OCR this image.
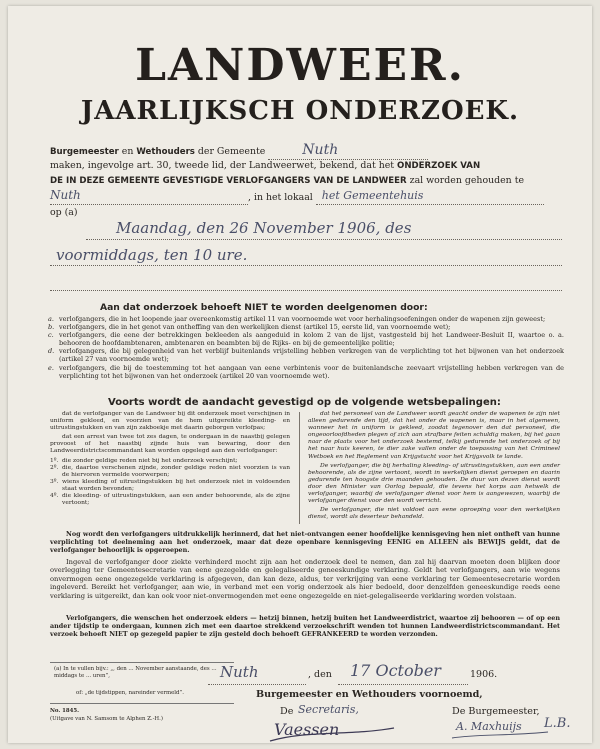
LANDWEER.
JAARLIJKSCH ONDERZOEK.
Burgemeester en Wethouders der Gemeente	Nuth
maken, ingevolge art. 30, tweede lid, der Landweerwet, bekend, dat het ONDERZOEK VAN
DE IN DEZE GEMEENTE GEVESTIGDE VERLOFGANGERS VAN DE LANDWEER zal worden gehouden te
Nuth	, in het lokaal het Gemeentehuis
op (a)
Maandag, den 26 November 1906, des
voormiddags, ten 10 ure.
Aan dat onderzoek behoeft NIET te worden deelgenomen door:
a. verlofgangers, die in het loopende jaar overeenkomstig artikel 11 van voornoemde wet voor herhalingsoefeningen onder de wapenen zijn geweest;
b. verlofgangers, die in het genot van ontheffing van den werkelijken dienst (artikel 15, eerste lid, van voornoemde wet);
c. verlofgangers, die eene der betrekkingen bekleeden als aangeduid in kolom 2 van de lijst, vastgesteld bij het Landweer-Besluit II, waartoe o. a. behooren de hoofdambtenaren, ambtenaren en beambten bij de Rijks- en bij de gemeentelijke politie;
d. verlofgangers, die bij gelegenheid van het verblijf buitenlands vrijstelling hebben verkregen van de verplichting tot het bijwonen van het onderzoek (artikel 27 van voornoemde wet);
e. verlofgangers, die bij de toestemming tot het aangaan van eene verbintenis voor de buitenlandsche zeevaart vrijstelling hebben verkregen van de verplichting tot het bijwonen van het onderzoek (artikel 20 van voornoemde wet).
Voorts wordt de aandacht gevestigd op de volgende wetsbepalingen:

dat de verlofganger van de Landweer bij dit onderzoek moet verschijnen in uniform gekleed, en voorzien van de hem uitgereikte kleeding- en uitrustingstukken en van zijn zakboekje met daarin geborgen verlofpas;

dat een arrest van twee tot zes dagen, te ondergaan in de naastbij gelegen provoost of het naastbij zijnde huis van bewaring, door den Landweerdistrictscommandant kan worden opgelegd aan den verlofganger:

1º. die zonder geldige reden niet bij het onderzoek verschijnt;
2º. die, daartoe verschenen zijnde, zonder geldige reden niet voorzien is van de hiervoren vermelde voorwerpen;
3º. wiens kleeding of uitrustingstukken bij het onderzoek niet in voldoenden staat worden bevonden;
4º. die kleeding- of uitrustingstukken, aan een ander behoorende, als de zijne vertoont;

dat het personeel van de Landweer wordt geacht onder de wapenen te zijn niet alleen gedurende den tijd, dat het onder de wapenen is, maar in het algemeen, wanneer het in uniform is gekleed, zoodat tegenover den dat personeel, die ongeoorloofdheden plegen of zich aan strafbare feiten schuldig maken, bij het gaan naar de plaats voor het onderzoek bestemd, telkij gedurende het onderzoek of bij het naar huis keeren, te dier zake vallen onder de toepassing van het Crimineel Wetboek en het Reglement van Krijgstucht voor het Krijgsvolk te lande.

De verlofganger, die bij herhaling kleeding- of uitrustingstukken, aan een ander behoorende, als de zijne vertoont, wordt in werkelijken dienst geroepen en daarin gedurende ten hoogste drie maanden gehouden. De duur van dezen dienst wordt door den Minister van Oorlog bepaald, die tevens het korps aan hetwelk de verlofganger, waarbij de verlofganger dienst voor hem is aangewezen, waarbij de verlofganger dienst voor den wordt verricht.

De verlofganger, die niet voldoet aan eene oproeping voor den werkelijken dienst, wordt als deserteur behandeld.

Nog wordt den verlofgangers uitdrukkelijk herinnerd, dat het niet-ontvangen eener hoofdelijke kennisgeving hen niet ontheft van hunne verplichting tot deelneming aan het onderzoek, maar dat deze openbare kennisgeving EENIG en ALLEEN als BEWIJS geldt, dat de verlofganger behoorlijk is opgeroepen.
Ingeval de verlofganger door ziekte verhinderd mocht zijn aan het onderzoek deel te nemen, dan zal hij daarvan moeten doen blijken door overlegging ter Gemeentesecretarie van eene gezegelde en gelegaliseerde geneeskundige verklaring. Geldt het verlofgangers, aan wie wegens onvermogen eene ongezegelde verklaring is afgegeven, dan kan deze, aldus, ter verkrijging van eene verklaring ter Gemeentesecretarie worden ingeleverd. Bereikt het verlofganger, aan wie, in verband met een vorig onderzoek als hier bedoeld, door denzelfden geneeskundige reeds eene verklaring is uitgereikt, dan kan ook voor niet-onvermogenden met eene ongezegelde en niet-gelegaliseerde verklaring worden volstaan.
Verlofgangers, die wenschen het onderzoek elders — hetzij binnen, hetzij buiten het Landweerdistrict, waartoe zij behooren — of op een ander tijdstip te ondergaan, kunnen zich met een daartoe strekkend verzoekschrift wenden tot hunnen Landweerdistrictscommandant. Het verzoek behoeft NIET op gezegeld papier te zijn gesteld doch behoeft GEFRANKEERD te worden verzonden.
Nuth	, den 17 October	1906.
Burgemeester en Wethouders voornoemd,
De Secretaris,	De Burgemeester,
A. Maxhuijs L.B.
Vaessen
(a) In te vullen bijv.: „, den ... November aanstaande, des ... middags te ... uren”,
of: „de tijdstippen, nareinder vermeld”.
No. 1845.
(Uitgave van N. Samsom te Alphen Z.-H.)
